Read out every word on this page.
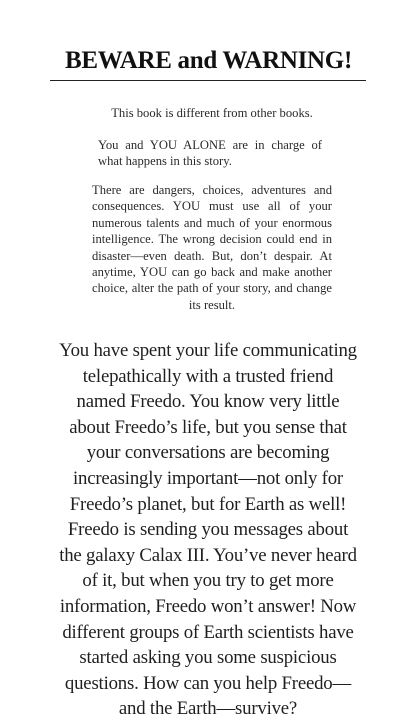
BEWARE and WARNING!

This book is different from other books.

You and YOU ALONE are in charge of what happens in this story.

There are dangers, choices, adventures and consequences. YOU must use all of your numerous talents and much of your enormous intelligence. The wrong decision could end in disaster—even death. But, don’t despair. At anytime, YOU can go back and make another choice, alter the path of your story, and change its result.

You have spent your life communicating telepathically with a trusted friend named Freedo. You know very little about Freedo’s life, but you sense that your conversations are becoming increasingly important—not only for Freedo’s planet, but for Earth as well! Freedo is sending you messages about the galaxy Calax III. You’ve never heard of it, but when you try to get more information, Freedo won’t answer! Now different groups of Earth scientists have started asking you some suspicious questions. How can you help Freedo—and the Earth—survive?
